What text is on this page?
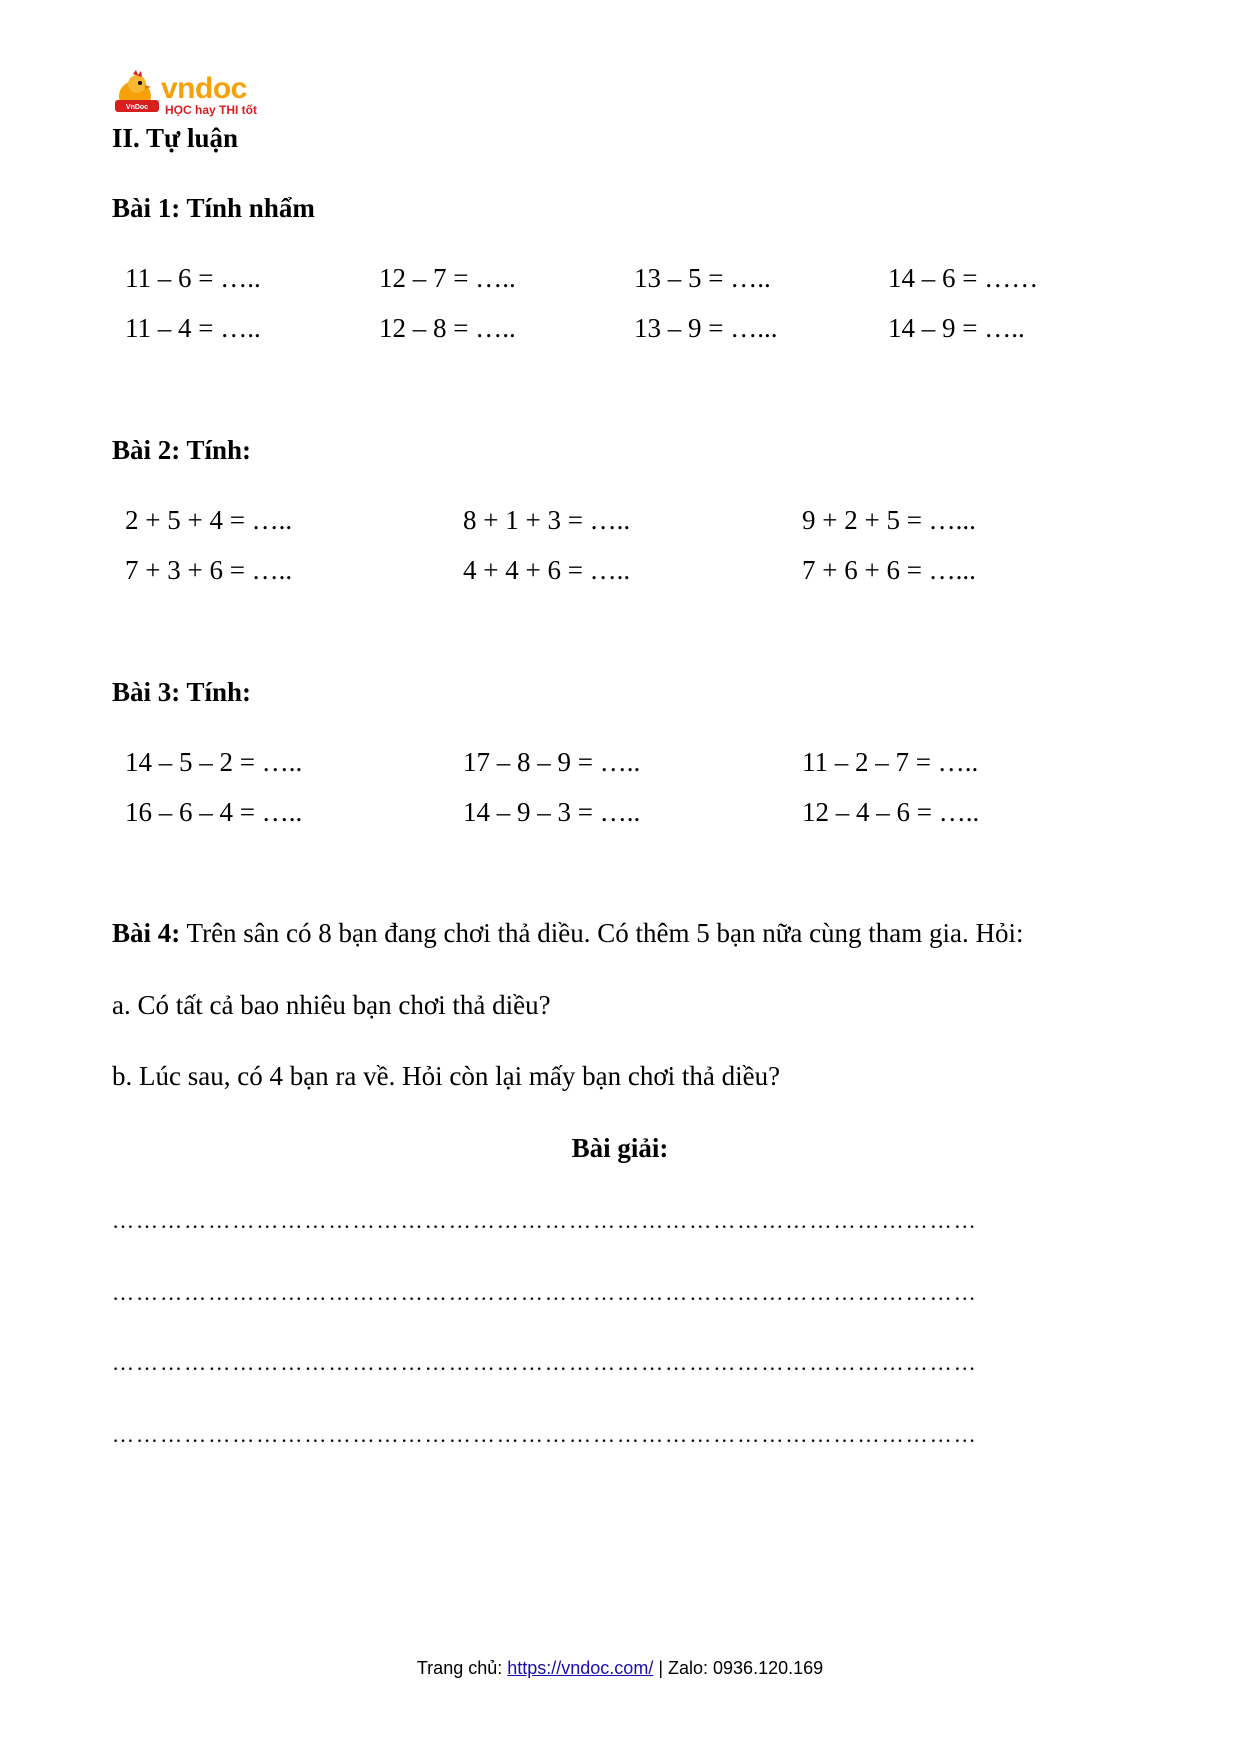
VnDoc
vndoc
HỌC hay THI tốt
II. Tự luận
Bài 1: Tính nhẩm
11 – 6 = …..	12 – 7 = …..	13 – 5 = …..	14 – 6 = ……
11 – 4 = …..	12 – 8 = …..	13 – 9 = …...	14 – 9 = …..
Bài 2: Tính:
2 + 5 + 4 = …..	8 + 1 + 3 = …..	9 + 2 + 5 = …...
7 + 3 + 6 = …..	4 + 4 + 6 = …..	7 + 6 + 6 = …...
Bài 3: Tính:
14 – 5 – 2 = …..	17 – 8 – 9 = …..	11 – 2 – 7 = …..
16 – 6 – 4 = …..	14 – 9 – 3 = …..	12 – 4 – 6 = …..
Bài 4: Trên sân có 8 bạn đang chơi thả diều. Có thêm 5 bạn nữa cùng tham gia. Hỏi:
a. Có tất cả bao nhiêu bạn chơi thả diều?
b. Lúc sau, có 4 bạn ra về. Hỏi còn lại mấy bạn chơi thả diều?
Bài giải:
………………………………………………………………………………………………
………………………………………………………………………………………………
………………………………………………………………………………………………
………………………………………………………………………………………………
Trang chủ: https://vndoc.com/ | Zalo: 0936.120.169
